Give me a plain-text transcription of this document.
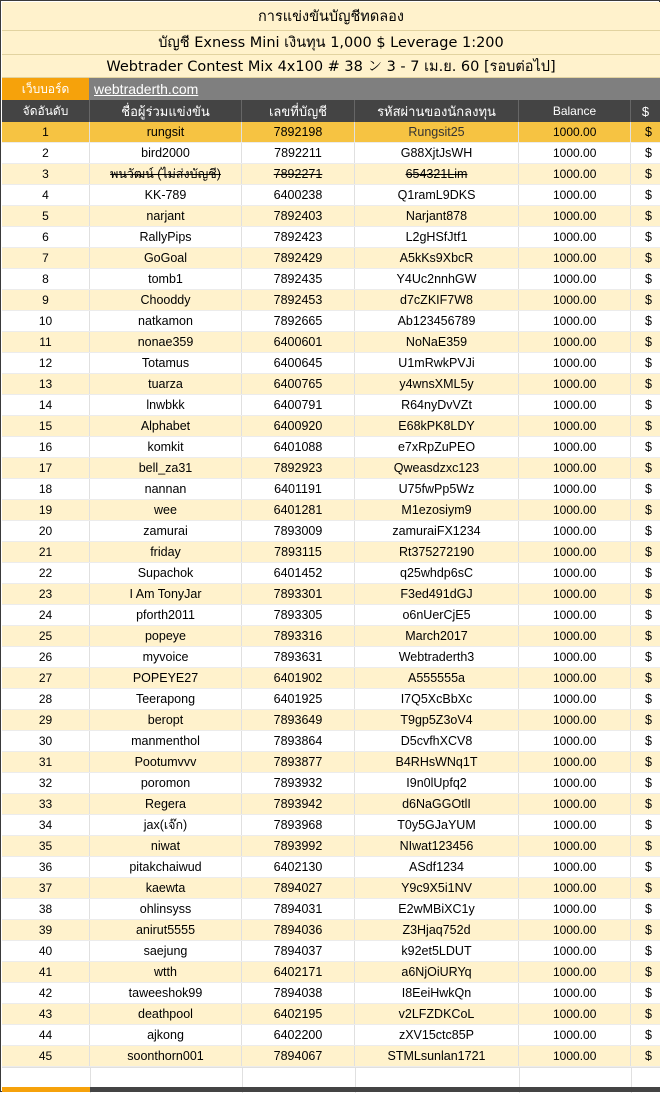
การแข่งขันบัญชีทดลอง
บัญชี Exness Mini เงินทุน 1,000 $ Leverage 1:200
Webtrader Contest Mix 4x100 # 38 ン 3 - 7 เม.ย. 60 [รอบต่อไป]
เว็บบอร์ด	webtraderth.com
จัดอันดับ	ชื่อผู้ร่วมแข่งขัน	เลขที่บัญชี	รหัสผ่านของนักลงทุน	Balance	$
1	rungsit	7892198	Rungsit25	1000.00	$
2	bird2000	7892211	G88XjtJsWH	1000.00	$
3	พนวัฒน์ (ไม่ส่งบัญชี)	7892271	654321Lim	1000.00	$
4	KK-789	6400238	Q1ramL9DKS	1000.00	$
5	narjant	7892403	Narjant878	1000.00	$
6	RallyPips	7892423	L2gHSfJtf1	1000.00	$
7	GoGoal	7892429	A5kKs9XbcR	1000.00	$
8	tomb1	7892435	Y4Uc2nnhGW	1000.00	$
9	Chooddy	7892453	d7cZKIF7W8	1000.00	$
10	natkamon	7892665	Ab123456789	1000.00	$
11	nonae359	6400601	NoNaE359	1000.00	$
12	Totamus	6400645	U1mRwkPVJi	1000.00	$
13	tuarza	6400765	y4wnsXML5y	1000.00	$
14	lnwbkk	6400791	R64nyDvVZt	1000.00	$
15	Alphabet	6400920	E68kPK8LDY	1000.00	$
16	komkit	6401088	e7xRpZuPEO	1000.00	$
17	bell_za31	7892923	Qweasdzxc123	1000.00	$
18	nannan	6401191	U75fwPp5Wz	1000.00	$
19	wee	6401281	M1ezosiym9	1000.00	$
20	zamurai	7893009	zamuraiFX1234	1000.00	$
21	friday	7893115	Rt375272190	1000.00	$
22	Supachok	6401452	q25whdp6sC	1000.00	$
23	I Am TonyJar	7893301	F3ed491dGJ	1000.00	$
24	pforth2011	7893305	o6nUerCjE5	1000.00	$
25	popeye	7893316	March2017	1000.00	$
26	myvoice	7893631	Webtraderth3	1000.00	$
27	POPEYE27	6401902	A555555a	1000.00	$
28	Teerapong	6401925	I7Q5XcBbXc	1000.00	$
29	beropt	7893649	T9gp5Z3oV4	1000.00	$
30	manmenthol	7893864	D5cvfhXCV8	1000.00	$
31	Pootumvvv	7893877	B4RHsWNq1T	1000.00	$
32	poromon	7893932	I9n0lUpfq2	1000.00	$
33	Regera	7893942	d6NaGGOtlI	1000.00	$
34	jax(เจ๊ก)	7893968	T0y5GJaYUM	1000.00	$
35	niwat	7893992	NIwat123456	1000.00	$
36	pitakchaiwud	6402130	ASdf1234	1000.00	$
37	kaewta	7894027	Y9c9X5i1NV	1000.00	$
38	ohlinsyss	7894031	E2wMBiXC1y	1000.00	$
39	anirut5555	7894036	Z3Hjaq752d	1000.00	$
40	saejung	7894037	k92et5LDUT	1000.00	$
41	wtth	6402171	a6NjOiURYq	1000.00	$
42	taweeshok99	7894038	I8EeiHwkQn	1000.00	$
43	deathpool	6402195	v2LFZDKCoL	1000.00	$
44	ajkong	6402200	zXV15ctc85P	1000.00	$
45	soonthorn001	7894067	STMLsunlan1721	1000.00	$
